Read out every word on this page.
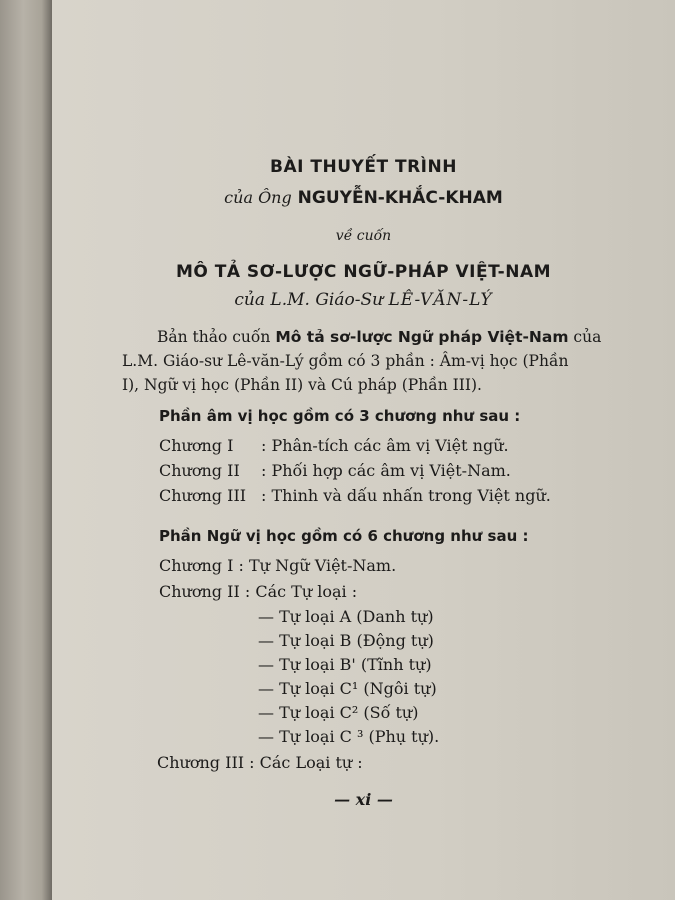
BÀI THUYẾT TRÌNH
của Ông NGUYỄN-KHẮC-KHAM
về cuốn
MÔ TẢ SƠ-LƯỢC NGỮ-PHÁP VIỆT-NAM
của L.M. Giáo-Sư LÊ-VĂN-LÝ
Bản thảo cuốn Mô tả sơ-lược Ngữ pháp Việt-Nam của
L.M. Giáo-sư Lê-văn-Lý gồm có 3 phần : Âm-vị học (Phần
I), Ngữ vị học (Phần II) và Cú pháp (Phần III).
Phần âm vị học gồm có 3 chương như sau :
Chương I : Phân-tích các âm vị Việt ngữ.
Chương II : Phối hợp các âm vị Việt-Nam.
Chương III : Thinh và dấu nhấn trong Việt ngữ.
Phần Ngữ vị học gồm có 6 chương như sau :
Chương I : Tự Ngữ Việt-Nam.
Chương II : Các Tự loại :
— Tự loại A (Danh tự)
— Tự loại B (Động tự)
— Tự loại B' (Tĩnh tự)
— Tự loại C¹ (Ngôi tự)
— Tự loại C² (Số tự)
— Tự loại C ³ (Phụ tự).
Chương III : Các Loại tự :
— xi —
